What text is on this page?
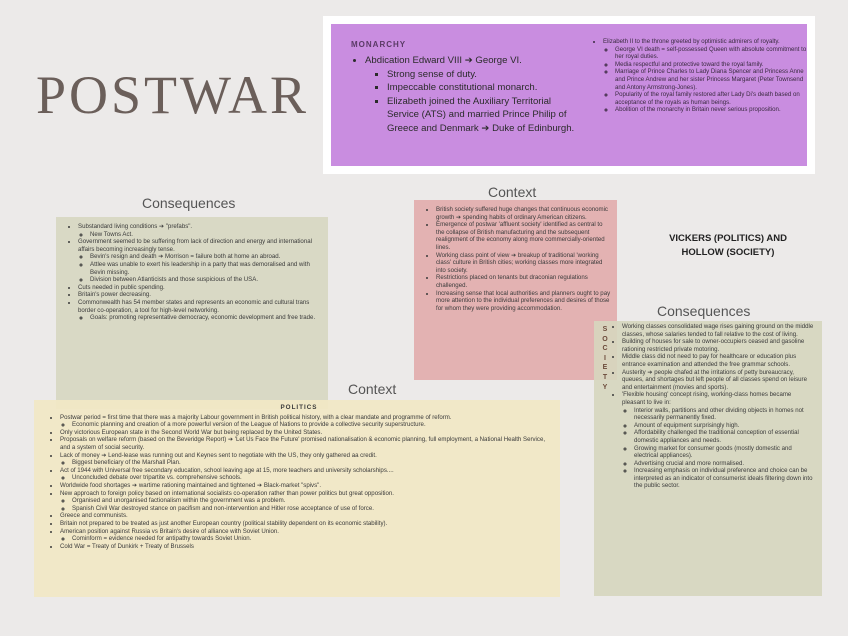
POSTWAR
MONARCHY
• Abdication Edward VIII ➔ George VI.
▪ Strong sense of duty.
▪ Impeccable constitutional monarch.
▪ Elizabeth joined the Auxiliary Territorial Service (ATS) and married Prince Philip of Greece and Denmark ➔ Duke of Edinburgh.
• Elizabeth II to the throne greeted by optimistic admirers of royalty.
◦ George VI death = self-possessed Queen with absolute commitment to her royal duties.
◦ Media respectful and protective toward the royal family.
◦ Marriage of Prince Charles to Lady Diana Spencer and Princess Anne and Prince Andrew and her sister Princess Margaret (Peter Townsend and Antony Armstrong-Jones).
◦ Popularity of the royal family restored after Lady Di's death based on acceptance of the royals as human beings.
◦ Abolition of the monarchy in Britain never serious proposition.
Consequences
• Substandard living conditions ➔ "prefabs".
◦ New Towns Act.
• Government seemed to be suffering from lack of direction and energy and international affairs becoming increasingly tense.
◦ Bevin's resign and death ➔ Morrison = failure both at home an abroad.
◦ Attlee was unable to exert his leadership in a party that was demoralised and with Bevin missing.
◦ Division between Atlanticists and those suspicious of the USA.
• Cuts needed in public spending.
• Britain's power decreasing.
• Commonwealth has 54 member states and represents an economic and cultural trans border co-operation, a tool for high-level networking.
◦ Goals: promoting representative democracy, economic development and free trade.
Context
• British society suffered huge changes that continuous economic growth ➔ spending habits of ordinary American citizens.
• Emergence of postwar 'affluent society' identified as central to the collapse of British manufacturing and the subsequent realignment of the economy along more commercially-oriented lines.
• Working class point of view ➔ breakup of traditional 'working class' culture in British cities; working classes more integrated into society.
• Restrictions placed on tenants but draconian regulations challenged.
• Increasing sense that local authorities and planners ought to pay more attention to the individual preferences and desires of those for whom they were providing accommodation.
VICKERS (POLITICS) AND HOLLOW (SOCIETY)
Context
Consequences
POLITICS
• Postwar period = first time that there was a majority Labour government in British political history, with a clear mandate and programme of reform.
◦ Economic planning and creation of a more powerful version of the League of Nations to provide a collective security superstructure.
• Only victorious European state in the Second World War but being replaced by the United States.
• Proposals on welfare reform (based on the Beveridge Report) ➔ 'Let Us Face the Future' promised nationalisation & economic planning, full employment, a National Health Service, and a system of social security.
• Lack of money ➔ Lend-lease was running out and Keynes sent to negotiate with the US, they only gathered aa credit.
◦ Biggest beneficiary of the Marshall Plan.
• Act of 1944 with Universal free secondary education, school leaving age at 15, more teachers and university scholarships....
◦ Unconcluded debate over tripartite vs. comprehensive schools.
• Worldwide food shortages ➔ wartime rationing maintained and tightened ➔ Black-market "spivs".
• New approach to foreign policy based on international socialists co-operation rather than power politics but great opposition.
◦ Organised and unorganised factionalism within the government was a problem.
◦ Spanish Civil War destroyed stance on pacifism and non-intervention and Hitler rose acceptance of use of force.
• Greece and communists.
• Britain not prepared to be treated as just another European country (political stability dependent on its economic stability).
• American position against Russia vs Britain's desire of alliance with Soviet Union.
◦ Cominform = evidence needed for antipathy towards Soviet Union.
• Cold War = Treaty of Dunkirk + Treaty of Brussels
S
O
C
I
E
T
Y
• Working classes consolidated wage rises gaining ground on the middle classes, whose salaries tended to fall relative to the cost of living.
• Building of houses for sale to owner-occupiers ceased and gasoline rationing restricted private motoring.
• Middle class did not need to pay for healthcare or education plus entrance examination and attended the free grammar schools.
• Austerity ➔ people chafed at the irritations of petty bureaucracy, queues, and shortages but left people of all classes spend on leisure and entertainment (movies and sports).
• 'Flexible housing' concept rising, working-class homes became pleasant to live in:
◦ Interior walls, partitions and other dividing objects in homes not necessarily permanently fixed.
◦ Amount of equipment surprisingly high.
◦ Affordability challenged the traditional conception of essential domestic appliances and needs.
◦ Growing market for consumer goods (mostly domestic and electrical appliances).
◦ Advertising crucial and more normalised.
◦ Increasing emphasis on individual preference and choice can be interpreted as an indicator of consumerist ideals filtering down into the public sector.
